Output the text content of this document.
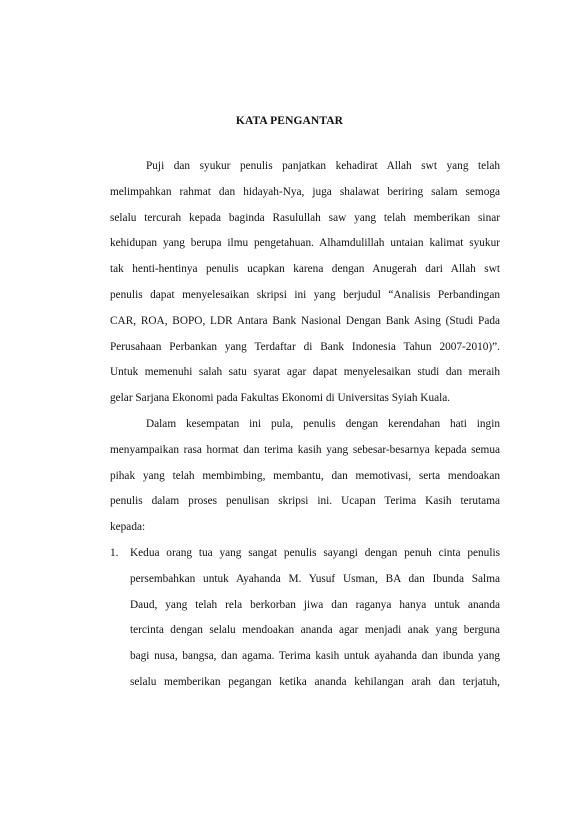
KATA PENGANTAR
Puji dan syukur penulis panjatkan kehadirat Allah swt yang telah
melimpahkan rahmat dan hidayah-Nya, juga shalawat beriring salam semoga
selalu tercurah kepada baginda Rasulullah saw yang telah memberikan sinar
kehidupan yang berupa ilmu pengetahuan. Alhamdulillah untaian kalimat syukur
tak henti-hentinya penulis ucapkan karena dengan Anugerah dari Allah swt
penulis dapat menyelesaikan skripsi ini yang berjudul “Analisis Perbandingan
CAR, ROA, BOPO, LDR Antara Bank Nasional Dengan Bank Asing (Studi Pada
Perusahaan Perbankan yang Terdaftar di Bank Indonesia Tahun 2007-2010)”.
Untuk memenuhi salah satu syarat agar dapat menyelesaikan studi dan meraih
gelar Sarjana Ekonomi pada Fakultas Ekonomi di Universitas Syiah Kuala.
Dalam kesempatan ini pula, penulis dengan kerendahan hati ingin
menyampaikan rasa hormat dan terima kasih yang sebesar-besarnya kepada semua
pihak yang telah membimbing, membantu, dan memotivasi, serta mendoakan
penulis dalam proses penulisan skripsi ini. Ucapan Terima Kasih terutama
kepada:
1. Kedua orang tua yang sangat penulis sayangi dengan penuh cinta penulis
persembahkan untuk Ayahanda M. Yusuf Usman, BA dan Ibunda Salma
Daud, yang telah rela berkorban jiwa dan raganya hanya untuk ananda
tercinta dengan selalu mendoakan ananda agar menjadi anak yang berguna
bagi nusa, bangsa, dan agama. Terima kasih untuk ayahanda dan ibunda yang
selalu memberikan pegangan ketika ananda kehilangan arah dan terjatuh,
